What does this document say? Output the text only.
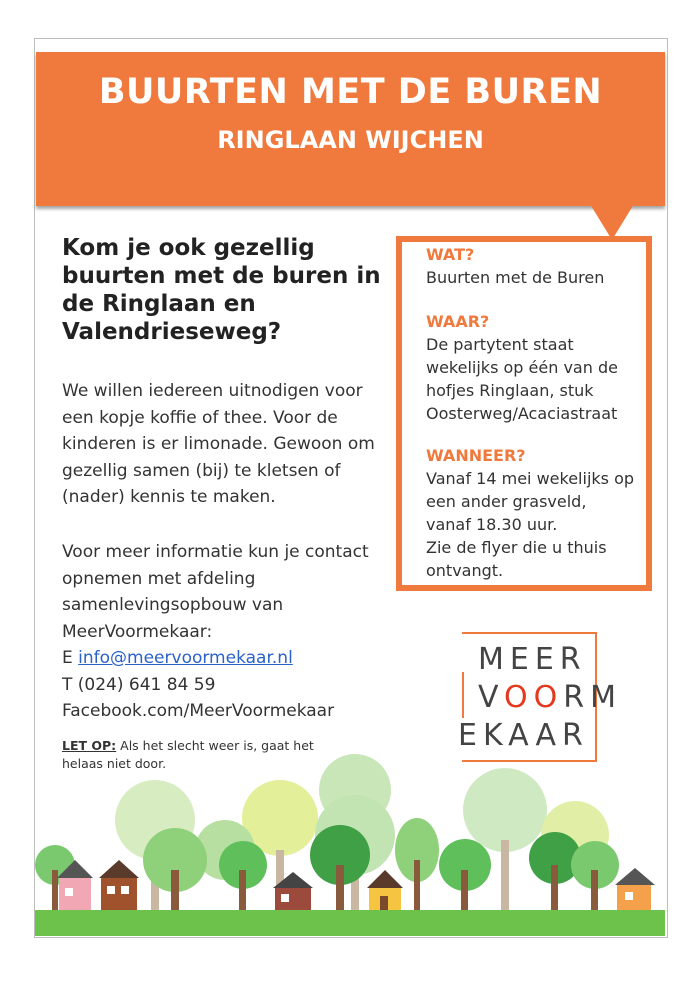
BUURTEN MET DE BUREN
RINGLAAN WIJCHEN
Kom je ook gezellig buurten met de buren in de Ringlaan en Valendrieseweg?
We willen iedereen uitnodigen voor een kopje koffie of thee. Voor de kinderen is er limonade. Gewoon om gezellig samen (bij) te kletsen of (nader) kennis te maken.
Voor meer informatie kun je contact opnemen met afdeling samenlevingsopbouw van MeerVoormekaar:
E info@meervoormekaar.nl
T (024) 641 84 59
Facebook.com/MeerVoormekaar
LET OP: Als het slecht weer is, gaat het helaas niet door.
WAT?
Buurten met de Buren
WAAR?
De partytent staat wekelijks op één van de hofjes Ringlaan, stuk Oosterweg/Acaciastraat
WANNEER?
Vanaf 14 mei wekelijks op een ander grasveld, vanaf 18.30 uur.
Zie de flyer die u thuis ontvangt.
MEER
VOORM
EKAAR
